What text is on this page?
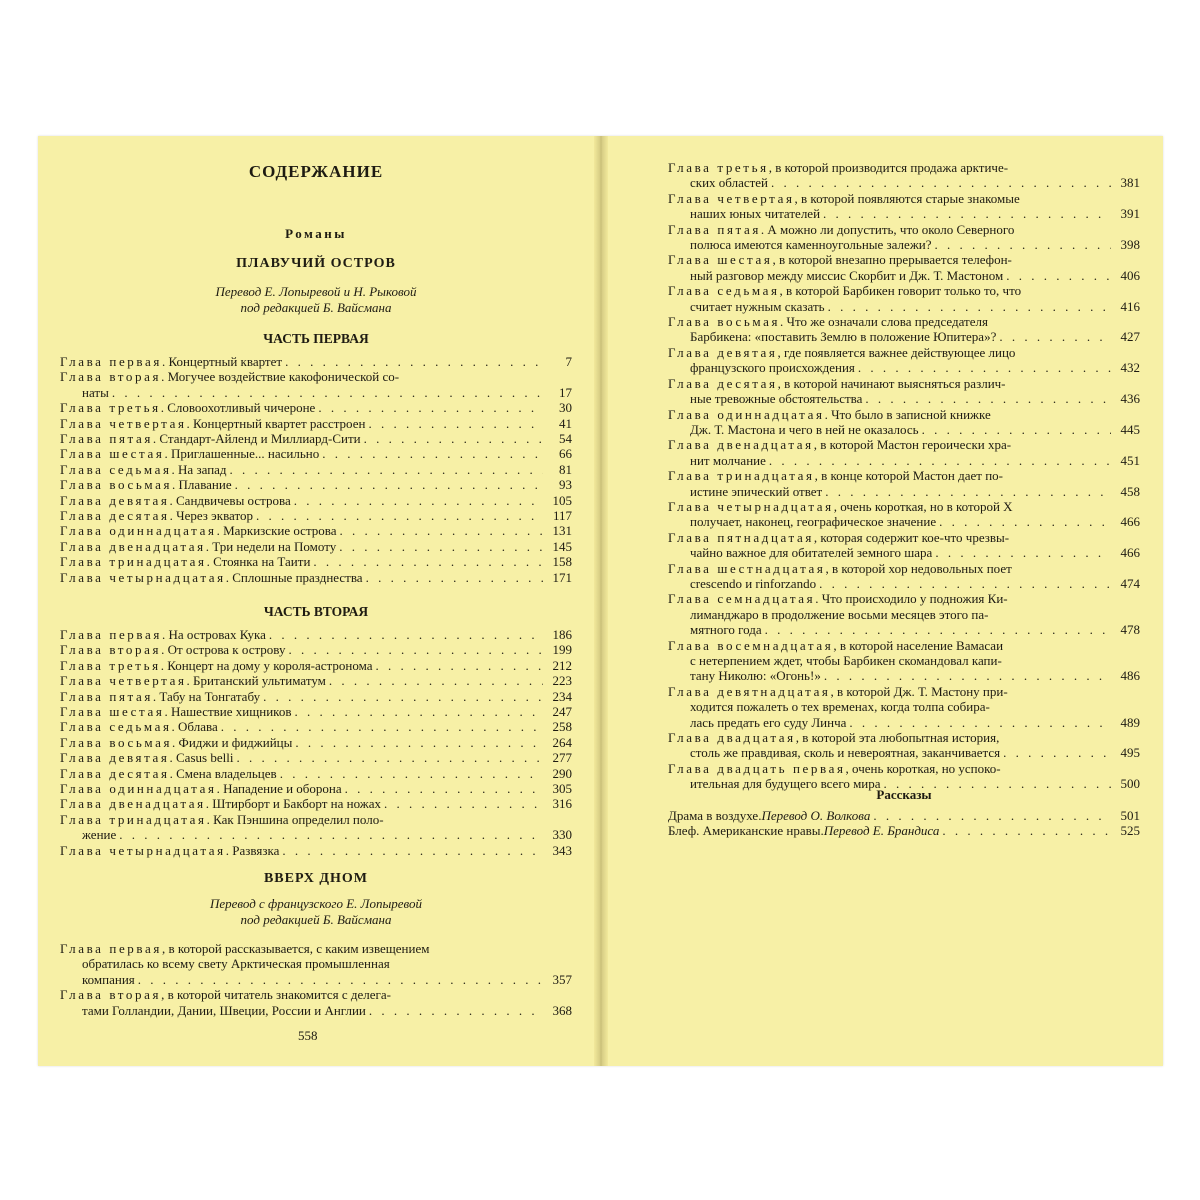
СОДЕРЖАНИЕ
Романы
ПЛАВУЧИЙ ОСТРОВ
Перевод Е. Лопыревой и Н. Рыковой
под редакцией Б. Вайсмана
ЧАСТЬ ПЕРВАЯ
Глава первая . Концертный квартет . . .	7
Глава вторая . Могучее воздействие какофонической со-
наты . . .	17
Глава третья . Словоохотливый чичероне . . .	30
Глава четвертая . Концертный квартет расстроен . . .	41
Глава пятая . Стандарт-Айленд и Миллиард-Сити . . .	54
Глава шестая . Приглашенные... насильно . . .	66
Глава седьмая . На запад . . .	81
Глава восьмая . Плавание . . .	93
Глава девятая . Сандвичевы острова . . .	105
Глава десятая . Через экватор . . .	117
Глава одиннадцатая . Маркизские острова . . .	131
Глава двенадцатая . Три недели на Помоту . . .	145
Глава тринадцатая . Стоянка на Таити . . .	158
Глава четырнадцатая . Сплошные празднества . . .	171
ЧАСТЬ ВТОРАЯ
Глава первая . На островах Кука . . .	186
Глава вторая . От острова к острову . . .	199
Глава третья . Концерт на дому у короля-астронома . . .	212
Глава четвертая . Британский ультиматум . . .	223
Глава пятая . Табу на Тонгатабу . . .	234
Глава шестая . Нашествие хищников . . .	247
Глава седьмая . Облава . . .	258
Глава восьмая . Фиджи и фиджийцы . . .	264
Глава девятая . Casus belli . . .	277
Глава десятая . Смена владельцев . . .	290
Глава одиннадцатая . Нападение и оборона . . .	305
Глава двенадцатая . Штирборт и Бакборт на ножах . . .	316
Глава тринадцатая . Как Пэншина определил поло-
жение . . .	330
Глава четырнадцатая . Развязка . . .	343
ВВЕРХ ДНОМ
Перевод с французского Е. Лопыревой
под редакцией Б. Вайсмана
Глава первая , в которой рассказывается, с каким извещением
обратилась ко всему свету Арктическая промышленная
компания . . .	357
Глава вторая , в которой читатель знакомится с делега-
тами Голландии, Дании, Швеции, России и Англии . . .	368
558
Глава третья , в которой производится продажа арктиче-
ских областей . . .	381
Глава четвертая , в которой появляются старые знакомые
наших юных читателей . . .	391
Глава пятая . А можно ли допустить, что около Северного
полюса имеются каменноугольные залежи? . . .	398
Глава шестая , в которой внезапно прерывается телефон-
ный разговор между миссис Скорбит и Дж. Т. Мастоном . . .	406
Глава седьмая , в которой Барбикен говорит только то, что
считает нужным сказать . . .	416
Глава восьмая . Что же означали слова председателя
Барбикена: «поставить Землю в положение Юпитера»? . . .	427
Глава девятая , где появляется важнее действующее лицо
французского происхождения . . .	432
Глава десятая , в которой начинают выясняться различ-
ные тревожные обстоятельства . . .	436
Глава одиннадцатая . Что было в записной книжке
Дж. Т. Мастона и чего в ней не оказалось . . .	445
Глава двенадцатая , в которой Мастон героически хра-
нит молчание . . .	451
Глава тринадцатая , в конце которой Мастон дает по-
истине эпический ответ . . .	458
Глава четырнадцатая , очень короткая, но в которой X
получает, наконец, географическое значение . . .	466
Глава пятнадцатая , которая содержит кое-что чрезвы-
чайно важное для обитателей земного шара . . .	466
Глава шестнадцатая , в которой хор недовольных поет
crescendo и rinforzando . . .	474
Глава семнадцатая . Что происходило у подножия Ки-
лиманджаро в продолжение восьми месяцев этого па-
мятного года . . .	478
Глава восемнадцатая , в которой население Вамасаи
с нетерпением ждет, чтобы Барбикен скомандовал капи-
тану Николю: «Огонь!» . . .	486
Глава девятнадцатая , в которой Дж. Т. Мастону при-
ходится пожалеть о тех временах, когда толпа собира-
лась предать его суду Линча . . .	489
Глава двадцатая , в которой эта любопытная история,
столь же правдивая, сколь и невероятная, заканчивается . . .	495
Глава двадцать первая , очень короткая, но успоко-
ительная для будущего всего мира . . .	500
Рассказы
Драма в воздухе. Перевод О. Волкова . . .	501
Блеф. Американские нравы. Перевод Е. Брандиса . . .	525
